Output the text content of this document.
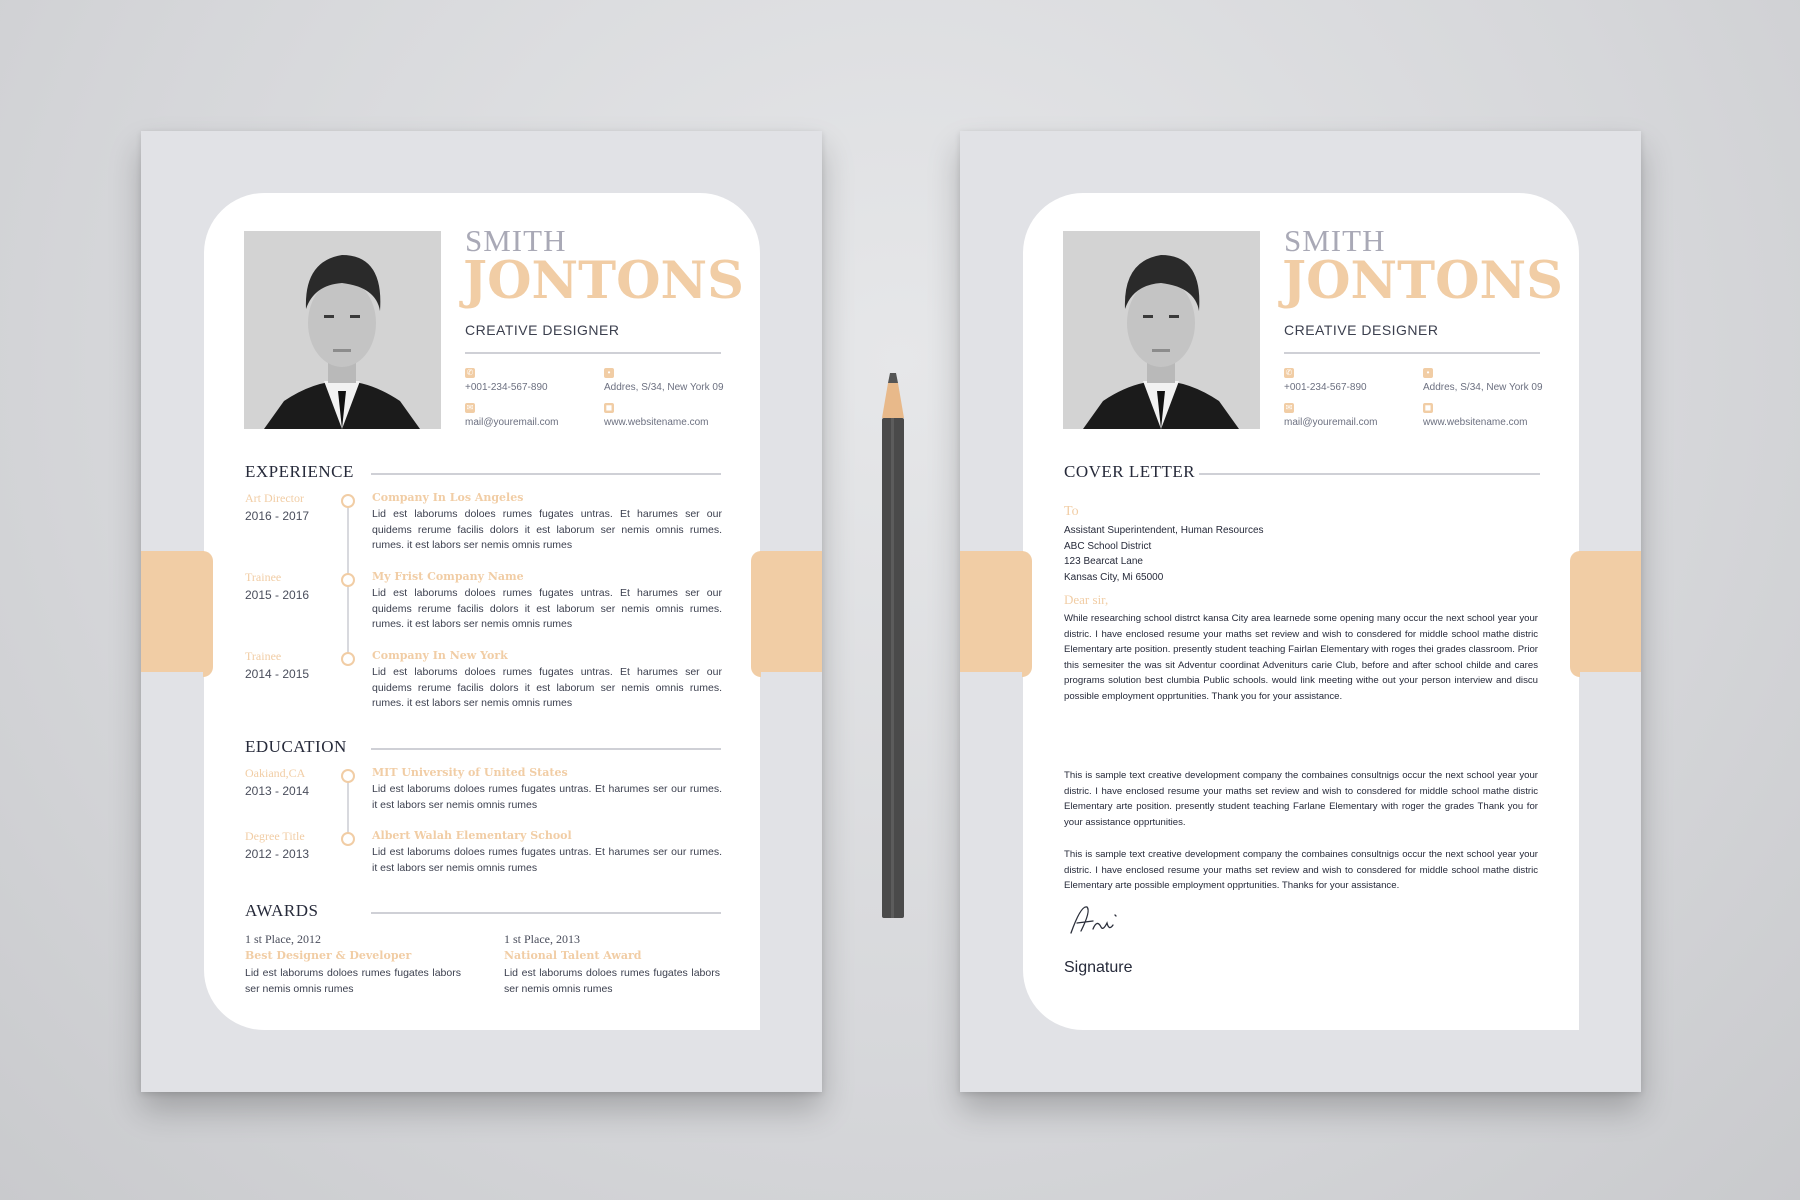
SMITH
JONTONS
CREATIVE DESIGNER
✆
+001-234-567-890
•
Addres, S/34, New York 09
✉
mail@youremail.com
◼
www.websitename.com
EXPERIENCE
Art Director
2016 - 2017
Company In Los Angeles
Lid est laborums doloes rumes fugates untras. Et harumes ser our quidems rerume facilis dolors it est laborum ser nemis omnis rumes. rumes. it est labors ser nemis omnis rumes
Trainee
2015 - 2016
My Frist Company Name
Lid est laborums doloes rumes fugates untras. Et harumes ser our quidems rerume facilis dolors it est laborum ser nemis omnis rumes. rumes. it est labors ser nemis omnis rumes
Trainee
2014 - 2015
Company In New York
Lid est laborums doloes rumes fugates untras. Et harumes ser our quidems rerume facilis dolors it est laborum ser nemis omnis rumes. rumes. it est labors ser nemis omnis rumes
EDUCATION
Oakiand,CA
2013 - 2014
MIT University of United States
Lid est laborums doloes rumes fugates untras. Et harumes ser our rumes. it est labors ser nemis omnis rumes
Degree Title
2012 - 2013
Albert Walah Elementary School
Lid est laborums doloes rumes fugates untras. Et harumes ser our rumes. it est labors ser nemis omnis rumes
AWARDS
1 st Place, 2012
Best Designer & Developer
Lid est laborums doloes rumes fugates labors ser nemis omnis rumes
1 st Place, 2013
National Talent Award
Lid est laborums doloes rumes fugates labors ser nemis omnis rumes
SMITH
JONTONS
CREATIVE DESIGNER
✆
+001-234-567-890
•
Addres, S/34, New York 09
✉
mail@youremail.com
◼
www.websitename.com
COVER LETTER
To
Assistant Superintendent, Human Resources
ABC School District
123 Bearcat Lane
Kansas City, Mi 65000
Dear sir,
While researching school distrct kansa City area learnede some opening many occur the next school year your distric. I have enclosed resume your maths set review and wish to consdered for middle school mathe distric Elementary arte position. presently student teaching Fairlan Elementary with roges thei grades classroom. Prior this semesiter the was sit Adventur coordinat Adveniturs carie Club, before and after school childe and cares programs solution best clumbia Public schools. would link meeting withe out your person interview and discu possible employment opprtunities. Thank you for your assistance.
This is sample text creative development company the combaines consultnigs occur the next school year your distric. I have enclosed resume your maths set review and wish to consdered for middle school mathe distric Elementary arte position. presently student teaching Farlane Elementary with roger the grades Thank you for your assistance opprtunities.
This is sample text creative development company the combaines consultnigs occur the next school year your distric. I have enclosed resume your maths set review and wish to consdered for middle school mathe distric Elementary arte possible employment opprtunities. Thanks for your assistance.
Signature
